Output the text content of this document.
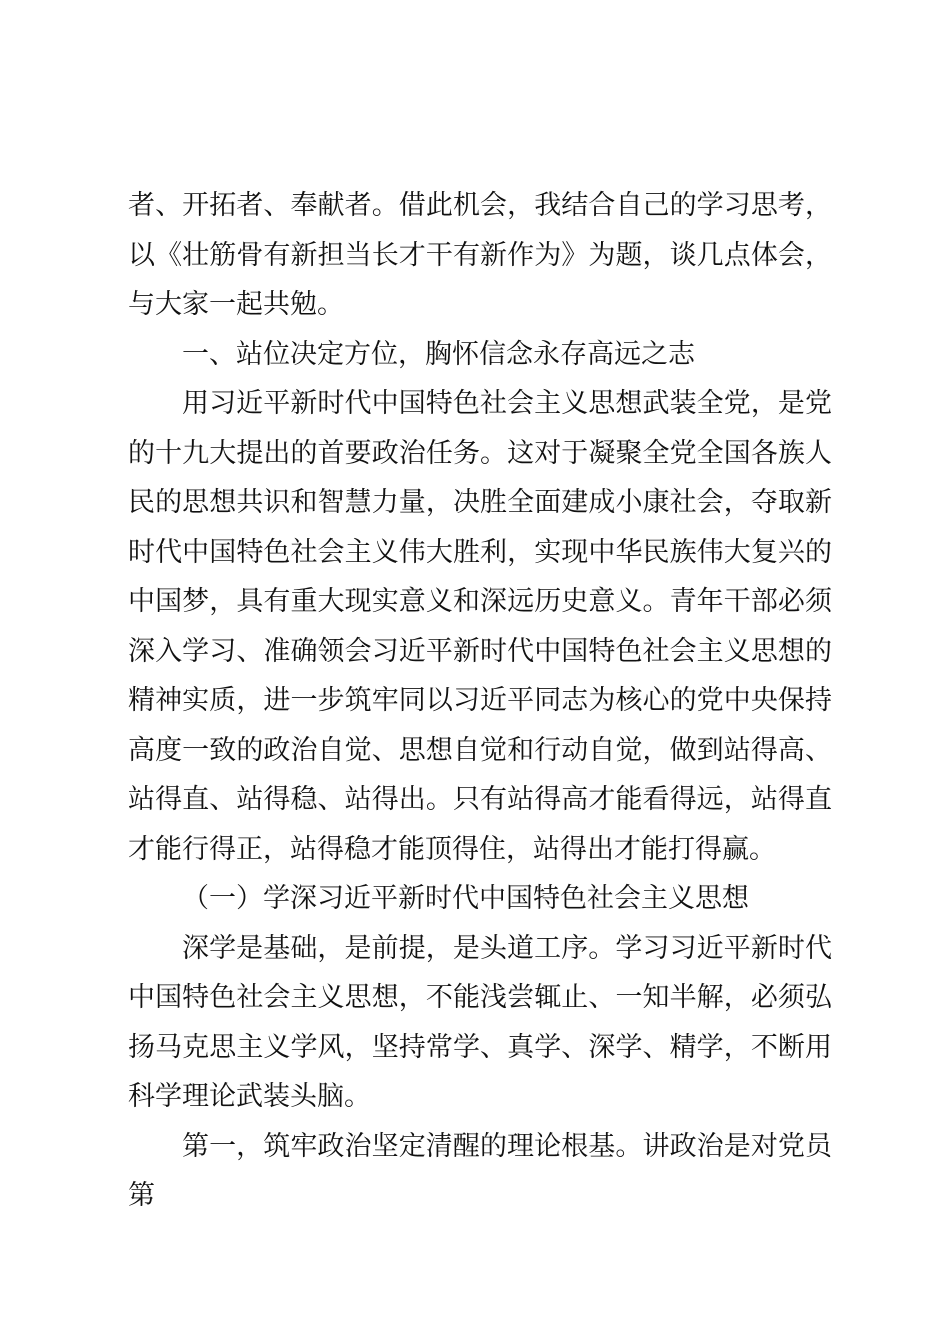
者、开拓者、奉献者。借此机会，我结合自己的学习思考，以《壮筋骨有新担当长才干有新作为》为题，谈几点体会，与大家一起共勉。

一、站位决定方位，胸怀信念永存高远之志

用习近平新时代中国特色社会主义思想武装全党，是党的十九大提出的首要政治任务。这对于凝聚全党全国各族人民的思想共识和智慧力量，决胜全面建成小康社会，夺取新时代中国特色社会主义伟大胜利，实现中华民族伟大复兴的中国梦，具有重大现实意义和深远历史意义。青年干部必须深入学习、准确领会习近平新时代中国特色社会主义思想的精神实质，进一步筑牢同以习近平同志为核心的党中央保持高度一致的政治自觉、思想自觉和行动自觉，做到站得高、站得直、站得稳、站得出。只有站得高才能看得远，站得直才能行得正，站得稳才能顶得住，站得出才能打得赢。

（一）学深习近平新时代中国特色社会主义思想

深学是基础，是前提，是头道工序。学习习近平新时代中国特色社会主义思想，不能浅尝辄止、一知半解，必须弘扬马克思主义学风，坚持常学、真学、深学、精学，不断用科学理论武装头脑。

第一，筑牢政治坚定清醒的理论根基。讲政治是对党员第
